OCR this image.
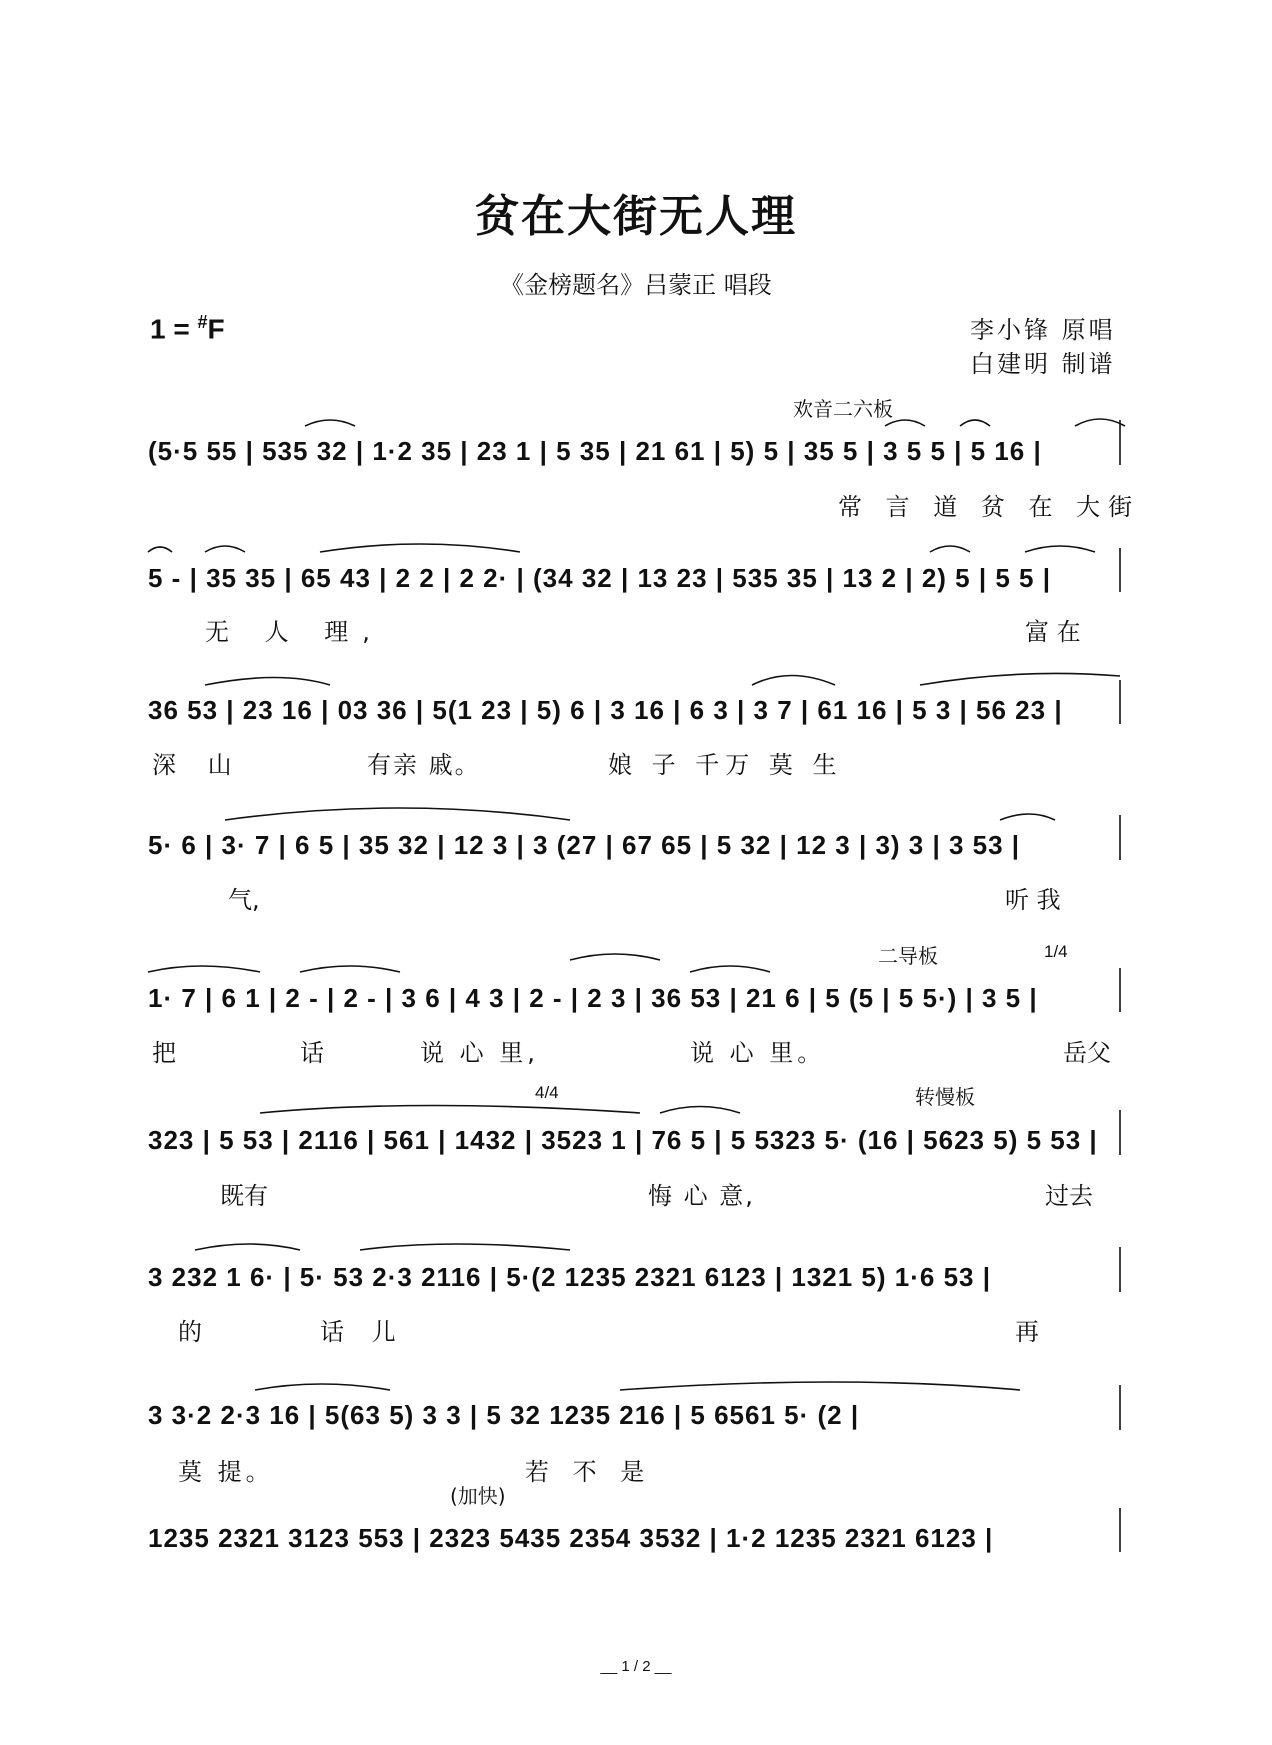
贫在大街无人理
《金榜题名》吕蒙正 唱段
1 = #F	李小锋 原唱
白建明 制谱
欢音二六板
(5·5 55 | 535 32 | 1·2 35 | 23 1 | 5 35 | 21 61 | 5) 5 | 35 5 | 3 5 5 | 5 16 |
常 言 道 贫 在 大街
5 - | 35 35 | 65 43 | 2 2 | 2 2· | (34 32 | 13 23 | 535 35 | 13 2 | 2) 5 | 5 5 |
无 人 理,	富 在
36 53 | 23 16 | 03 36 | 5(1 23 | 5) 6 | 3 16 | 6 3 | 3 7 | 61 16 | 5 3 | 56 23 |
深 山	有亲 戚。	娘 子 千万 莫 生
5· 6 | 3· 7 | 6 5 | 35 32 | 12 3 | 3 (27 | 67 65 | 5 32 | 12 3 | 3) 3 | 3 53 |
气,	听 我
二导板	1/4
1· 7 | 6 1 | 2 - | 2 - | 3 6 | 4 3 | 2 - | 2 3 | 36 53 | 21 6 | 5 (5 | 5 5·) | 3 5 |
把	话	说 心 里,	说 心 里。	岳父
4/4	转慢板
323 | 5 53 | 2116 | 561 | 1432 | 3523 1 | 76 5 | 5 5323 5· (16 | 5623 5) 5 53 |
既有	悔 心 意,	过去
3 232 1 6· | 5· 53 2·3 2116 | 5·(2 1235 2321 6123 | 1321 5) 1·6 53 |
的	话 儿	再
3 3·2 2·3 16 | 5(63 5) 3 3 | 5 32 1235 216 | 5 6561 5· (2 |
莫 提。	若 不 是
(加快)
1235 2321 3123 553 | 2323 5435 2354 3532 | 1·2 1235 2321 6123 |
__ 1 / 2 __
